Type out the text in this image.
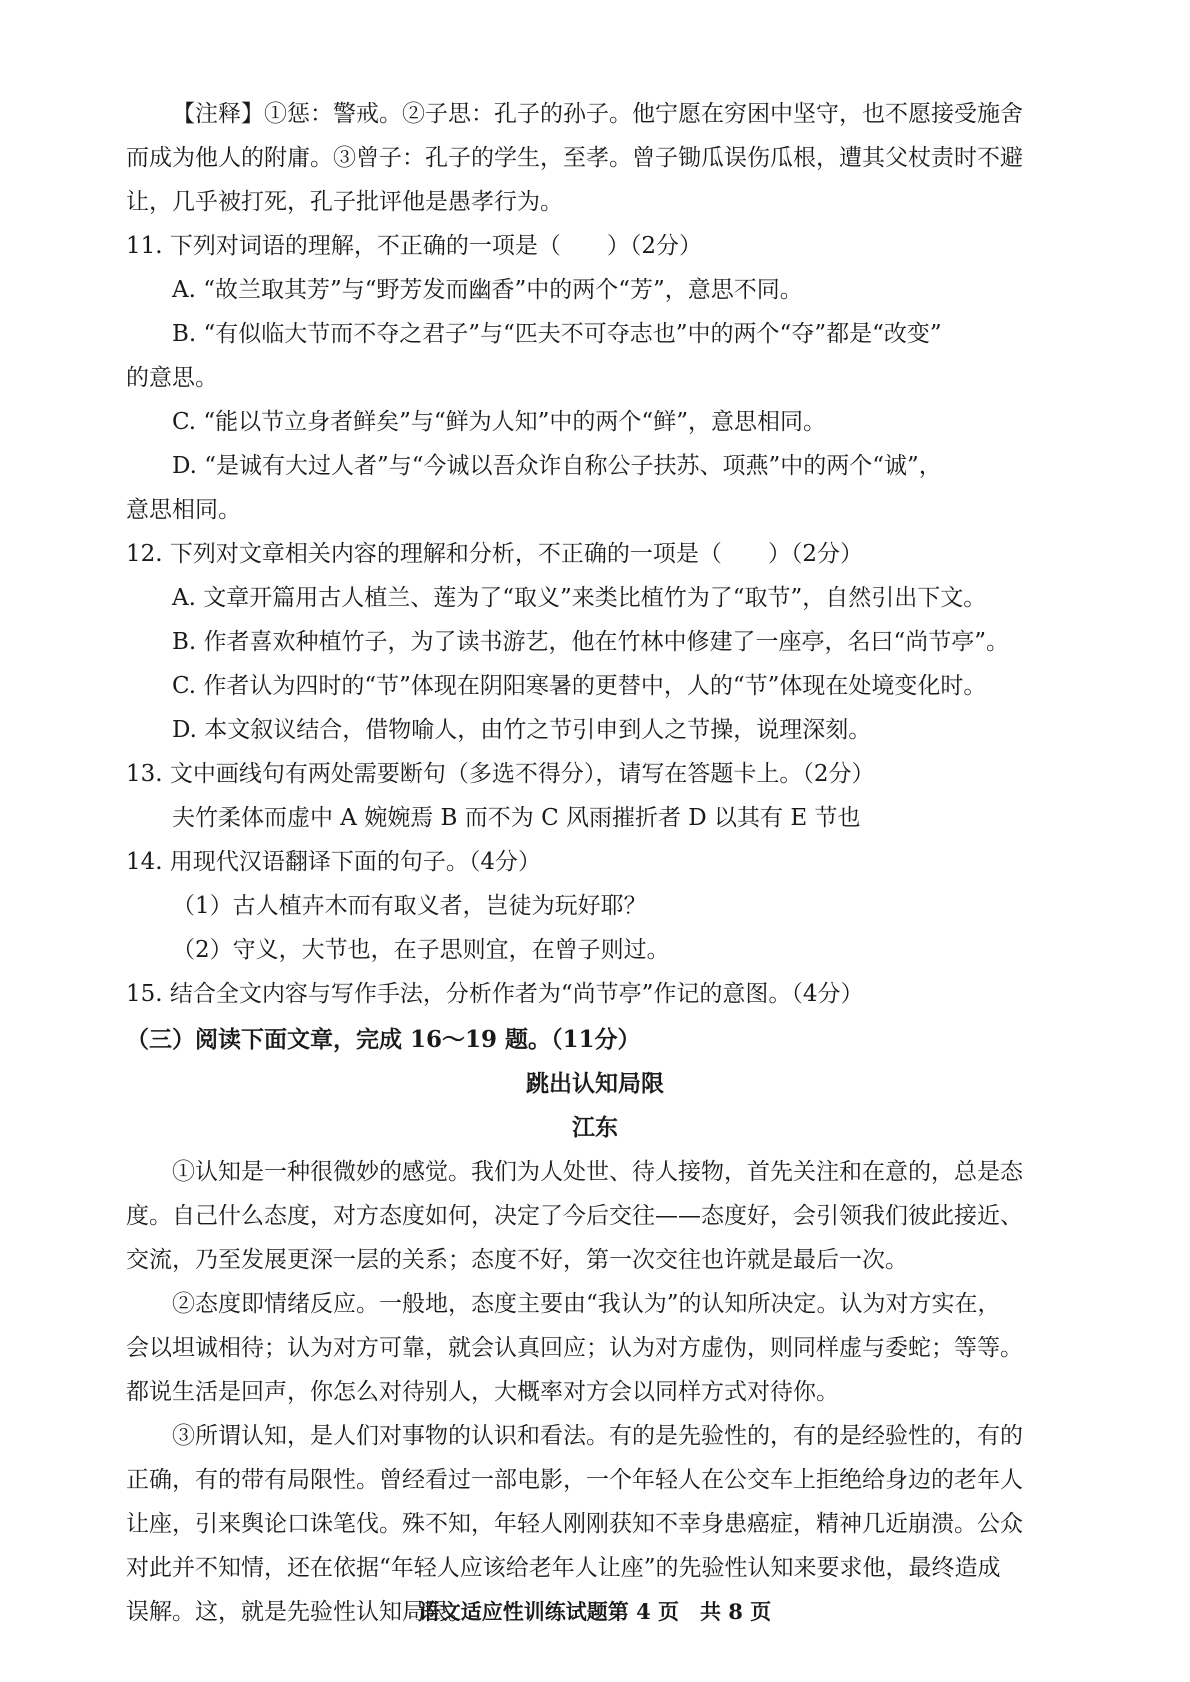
【注释】①惩：警戒。②子思：孔子的孙子。他宁愿在穷困中坚守，也不愿接受施舍
而成为他人的附庸。③曾子：孔子的学生，至孝。曾子锄瓜误伤瓜根，遭其父杖责时不避
让，几乎被打死，孔子批评他是愚孝行为。
11. 下列对词语的理解，不正确的一项是（　　）（2分）
A. “故兰取其芳”与“野芳发而幽香”中的两个“芳”，意思不同。
B. “有似临大节而不夺之君子”与“匹夫不可夺志也”中的两个“夺”都是“改变”
的意思。
C. “能以节立身者鲜矣”与“鲜为人知”中的两个“鲜”，意思相同。
D. “是诚有大过人者”与“今诚以吾众诈自称公子扶苏、项燕”中的两个“诚”，
意思相同。
12. 下列对文章相关内容的理解和分析，不正确的一项是（　　）（2分）
A. 文章开篇用古人植兰、莲为了“取义”来类比植竹为了“取节”，自然引出下文。
B. 作者喜欢种植竹子，为了读书游艺，他在竹林中修建了一座亭，名曰“尚节亭”。
C. 作者认为四时的“节”体现在阴阳寒暑的更替中，人的“节”体现在处境变化时。
D. 本文叙议结合，借物喻人，由竹之节引申到人之节操，说理深刻。
13. 文中画线句有两处需要断句（多选不得分），请写在答题卡上。（2分）
夫竹柔体而虚中 A 婉婉焉 B 而不为 C 风雨摧折者 D 以其有 E 节也
14. 用现代汉语翻译下面的句子。（4分）
（1）古人植卉木而有取义者，岂徒为玩好耶？
（2）守义，大节也，在子思则宜，在曾子则过。
15. 结合全文内容与写作手法，分析作者为“尚节亭”作记的意图。（4分）
（三）阅读下面文章，完成 16～19 题。（11分）
跳出认知局限
江东
①认知是一种很微妙的感觉。我们为人处世、待人接物，首先关注和在意的，总是态
度。自己什么态度，对方态度如何，决定了今后交往——态度好，会引领我们彼此接近、
交流，乃至发展更深一层的关系；态度不好，第一次交往也许就是最后一次。
②态度即情绪反应。一般地，态度主要由“我认为”的认知所决定。认为对方实在，
会以坦诚相待；认为对方可靠，就会认真回应；认为对方虚伪，则同样虚与委蛇；等等。
都说生活是回声，你怎么对待别人，大概率对方会以同样方式对待你。
③所谓认知，是人们对事物的认识和看法。有的是先验性的，有的是经验性的，有的
正确，有的带有局限性。曾经看过一部电影，一个年轻人在公交车上拒绝给身边的老年人
让座，引来舆论口诛笔伐。殊不知，年轻人刚刚获知不幸身患癌症，精神几近崩溃。公众
对此并不知情，还在依据“年轻人应该给老年人让座”的先验性认知来要求他，最终造成
误解。这，就是先验性认知局限。
语文适应性训练试题第 4 页　共 8 页
